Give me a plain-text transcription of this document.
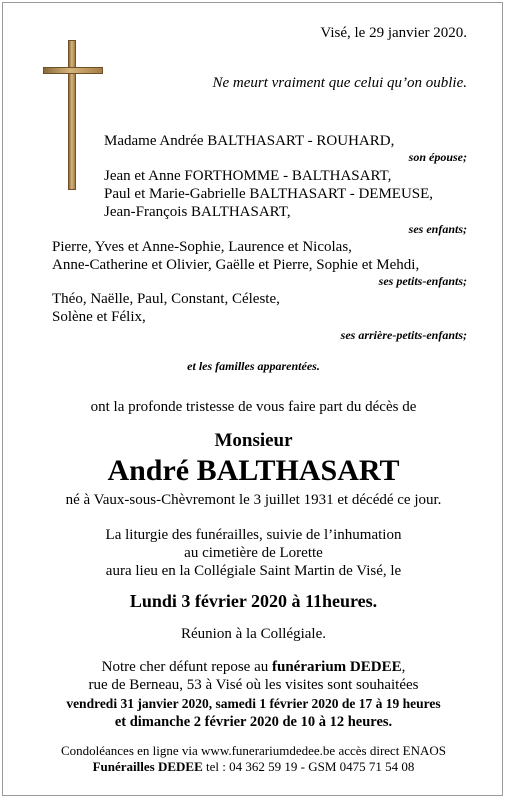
Visé, le 29 janvier 2020.
Ne meurt vraiment que celui qu’on oublie.
Madame Andrée BALTHASART - ROUHARD,
son épouse;
Jean et Anne FORTHOMME - BALTHASART,
Paul et Marie-Gabrielle BALTHASART - DEMEUSE,
Jean-François BALTHASART,
ses enfants;
Pierre, Yves et Anne-Sophie, Laurence et Nicolas,
Anne-Catherine et Olivier, Gaëlle et Pierre, Sophie et Mehdi,
ses petits-enfants;
Théo, Naëlle, Paul, Constant, Céleste,
Solène et Félix,
ses arrière-petits-enfants;
et les familles apparentées.
ont la profonde tristesse de vous faire part du décès de
Monsieur
André BALTHASART
né à Vaux-sous-Chèvremont le 3 juillet 1931 et décédé ce jour.
La liturgie des funérailles, suivie de l’inhumation
au cimetière de Lorette
aura lieu en la Collégiale Saint Martin de Visé, le
Lundi 3 février 2020 à 11heures.
Réunion à la Collégiale.
Notre cher défunt repose au funérarium DEDEE,
rue de Berneau, 53 à Visé où les visites sont souhaitées
vendredi 31 janvier 2020, samedi 1 février 2020 de 17 à 19 heures
et dimanche 2 février 2020 de 10 à 12 heures.
Condoléances en ligne via www.funerariumdedee.be accès direct ENAOS
Funérailles DEDEE tel : 04 362 59 19 - GSM 0475 71 54 08
